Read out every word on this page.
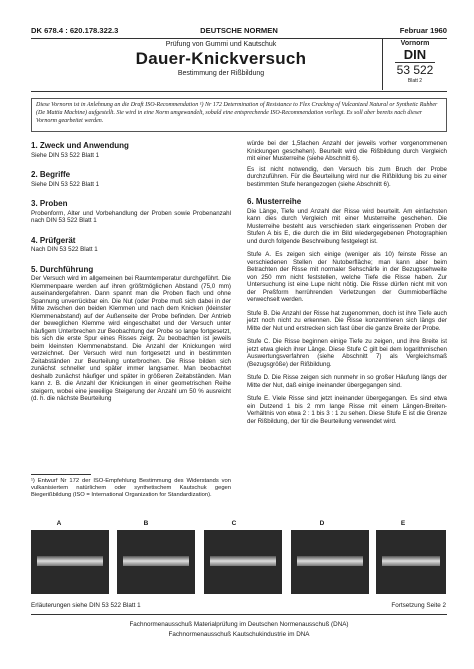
DK 678.4 : 620.178.322.3	DEUTSCHE NORMEN	Februar 1960
Prüfung von Gummi und Kautschuk
Dauer-Knickversuch
Bestimmung der Rißbildung
Vornorm
DIN
53 522
Blatt 2
Diese Vornorm ist in Anlehnung an die Draft ISO-Recommendation ¹) Nr 172 Determination of Resistance to Flex Cracking of Vulcanized Natural or Synthetic Rubber (De Mattia Machine) aufgestellt. Sie wird in eine Norm umgewandelt, sobald eine entsprechende ISO-Recommendation vorliegt. Es soll aber bereits nach dieser Vornorm gearbeitet werden.
1. Zweck und Anwendung

Siehe DIN 53 522 Blatt 1

2. Begriffe

Siehe DIN 53 522 Blatt 1

3. Proben

Probenform, Alter und Vorbehandlung der Proben sowie Probenanzahl nach DIN 53 522 Blatt 1

4. Prüfgerät

Nach DIN 53 522 Blatt 1

5. Durchführung

Der Versuch wird im allgemeinen bei Raumtemperatur durchgeführt. Die Klemmenpaare werden auf ihren größtmöglichen Abstand (75,0 mm) auseinandergefahren. Dann spannt man die Proben flach und ohne Spannung unverrückbar ein. Die Nut (oder Probe muß sich dabei in der Mitte zwischen den beiden Klemmen und nach dem Knicken (kleinster Klemmenabstand) auf der Außenseite der Probe befinden. Der Antrieb der beweglichen Klemme wird eingeschaltet und der Versuch unter häufigem Unterbrechen zur Beobachtung der Probe so lange fortgesetzt, bis sich die erste Spur eines Risses zeigt. Zu beobachten ist jeweils beim kleinsten Klemmenabstand. Die Anzahl der Knickungen wird verzeichnet. Der Versuch wird nun fortgesetzt und in bestimmten Zeitabständen zur Beurteilung unterbrochen. Die Risse bilden sich zunächst schneller und später immer langsamer. Man beobachtet deshalb zunächst häufiger und später in größeren Zeitabständen. Man kann z. B. die Anzahl der Knickungen in einer geometrischen Reihe steigern, wobei eine jeweilige Steigerung der Anzahl um 50 % ausreicht (d. h. die nächste Beurteilung

¹) Entwurf Nr 172 der ISO-Empfehlung Bestimmung des Widerstands von vulkanisiertem natürlichem oder synthetischem Kautschuk gegen Biegerißbildung (ISO = International Organization for Standardization).

würde bei der 1,5fachen Anzahl der jeweils vorher vorgenommenen Knickungen geschehen). Beurteilt wird die Rißbildung durch Vergleich mit einer Musterreihe (siehe Abschnitt 6).

Es ist nicht notwendig, den Versuch bis zum Bruch der Probe durchzuführen. Für die Beurteilung wird nur die Rißbildung bis zu einer bestimmten Stufe herangezogen (siehe Abschnitt 6).

6. Musterreihe

Die Länge, Tiefe und Anzahl der Risse wird beurteilt. Am einfachsten kann dies durch Vergleich mit einer Musterreihe geschehen. Die Musterreihe besteht aus verschieden stark eingerissenen Proben der Stufen A bis E, die durch die im Bild wiedergegebenen Photographien und durch folgende Beschreibung festgelegt ist.

Stufe A. Es zeigen sich einige (weniger als 10) feinste Risse an verschiedenen Stellen der Nutoberfläche; man kann aber beim Betrachten der Risse mit normaler Sehschärfe in der Bezugssehweite von 250 mm nicht feststellen, welche Tiefe die Risse haben. Zur Untersuchung ist eine Lupe nicht nötig. Die Risse dürfen nicht mit von der Preßform herrührenden Verletzungen der Gummioberfläche verwechselt werden.

Stufe B. Die Anzahl der Risse hat zugenommen, doch ist ihre Tiefe auch jetzt noch nicht zu erkennen. Die Risse konzentrieren sich längs der Mitte der Nut und erstrecken sich fast über die ganze Breite der Probe.

Stufe C. Die Risse beginnen einige Tiefe zu zeigen, und ihre Breite ist jetzt etwa gleich ihrer Länge. Diese Stufe C gilt bei dem logarithmischen Auswertungsverfahren (siehe Abschnitt 7) als Vergleichsmaß (Bezugsgröße) der Rißbildung.

Stufe D. Die Risse zeigen sich nunmehr in so großer Häufung längs der Mitte der Nut, daß einige ineinander übergegangen sind.

Stufe E. Viele Risse sind jetzt ineinander übergegangen. Es sind etwa ein Dutzend 1 bis 2 mm lange Risse mit einem Längen-Breiten-Verhältnis von etwa 2 : 1 bis 3 : 1 zu sehen. Diese Stufe E ist die Grenze der Rißbildung, der für die Beurteilung verwendet wird.

A	B	C	D	E
Erläuterungen siehe DIN 53 522 Blatt 1	Fortsetzung Seite 2
Fachnormenausschuß Materialprüfung im Deutschen Normenausschuß (DNA)
Fachnormenausschuß Kautschukindustrie im DNA
